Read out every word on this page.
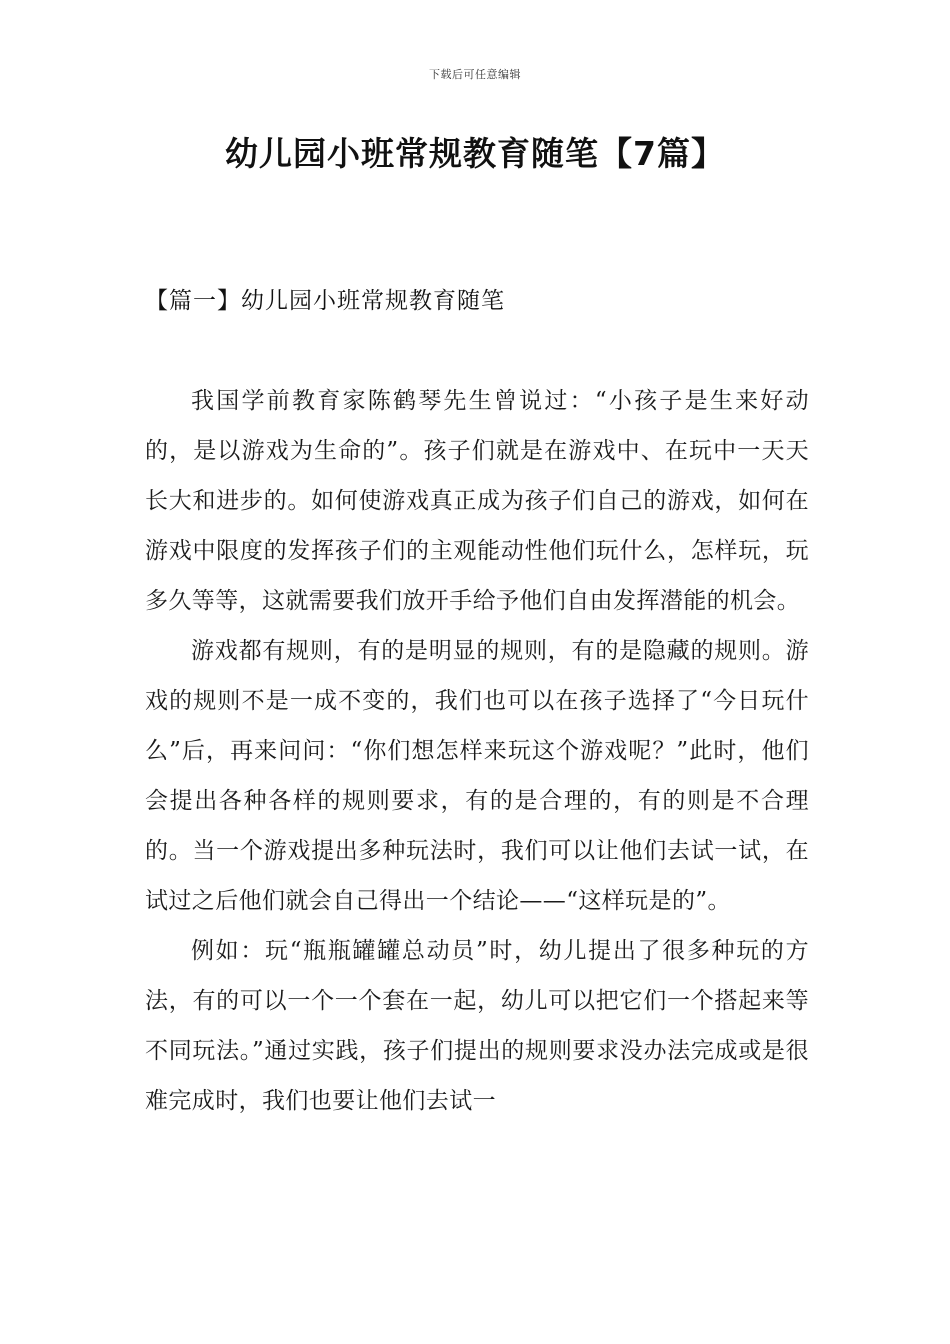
下载后可任意编辑
幼儿园小班常规教育随笔【7篇】
【篇一】幼儿园小班常规教育随笔

我国学前教育家陈鹤琴先生曾说过：“小孩子是生来好动的，是以游戏为生命的”。孩子们就是在游戏中、在玩中一天天长大和进步的。如何使游戏真正成为孩子们自己的游戏，如何在游戏中限度的发挥孩子们的主观能动性他们玩什么，怎样玩，玩多久等等，这就需要我们放开手给予他们自由发挥潜能的机会。

游戏都有规则，有的是明显的规则，有的是隐藏的规则。游戏的规则不是一成不变的，我们也可以在孩子选择了“今日玩什么”后，再来问问：“你们想怎样来玩这个游戏呢？”此时，他们会提出各种各样的规则要求，有的是合理的，有的则是不合理的。当一个游戏提出多种玩法时，我们可以让他们去试一试，在试过之后他们就会自己得出一个结论——“这样玩是的”。

例如：玩“瓶瓶罐罐总动员”时，幼儿提出了很多种玩的方法，有的可以一个一个套在一起，幼儿可以把它们一个搭起来等不同玩法。”通过实践，孩子们提出的规则要求没办法完成或是很难完成时，我们也要让他们去试一
